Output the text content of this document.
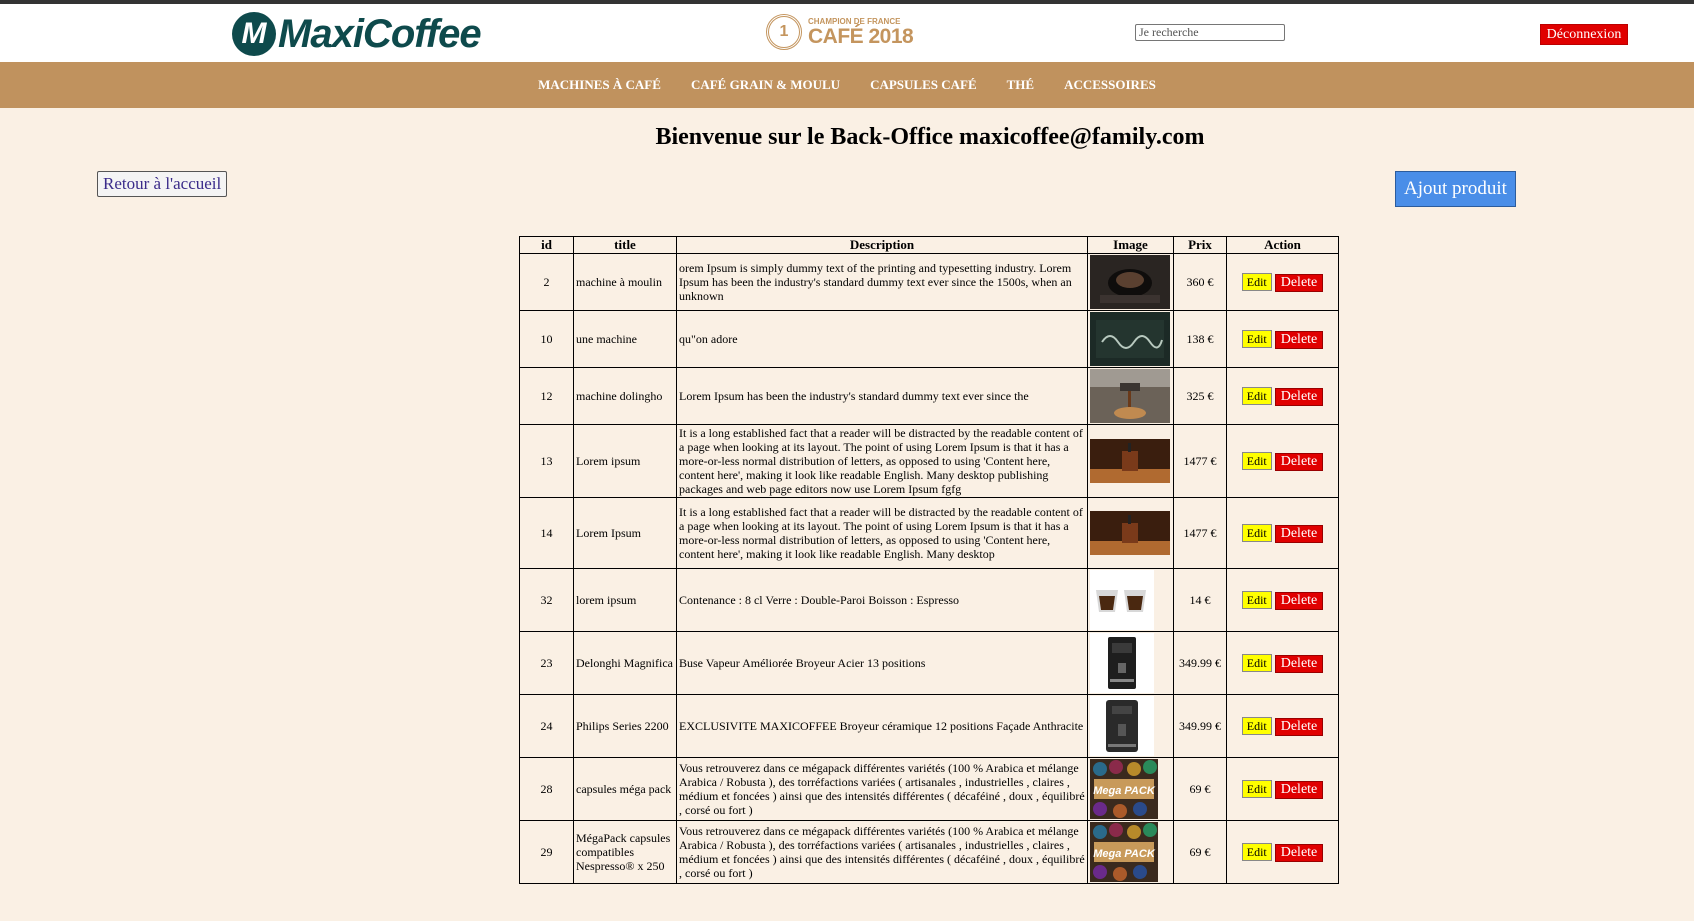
M MaxiCoffee	1
CHAMPION DE FRANCE
CAFÉ 2018
Je recherche	Déconnexion
MACHINES À CAFÉ CAFÉ GRAIN & MOULU CAPSULES CAFÉ THÉ ACCESSOIRES
Bienvenue sur le Back-Office maxicoffee@family.com
Retour à l'accueil	Ajout produit
id	title	Description	Image	Prix	Action
2	machine à moulin	orem Ipsum is simply dummy text of the printing and typesetting industry. Lorem Ipsum has been the industry's standard dummy text ever since the 1500s, when an unknown		360 €	Edit Delete
10	une machine	qu"on adore		138 €	Edit Delete
12	machine dolingho	Lorem Ipsum has been the industry's standard dummy text ever since the		325 €	Edit Delete
13	Lorem ipsum	It is a long established fact that a reader will be distracted by the readable content of a page when looking at its layout. The point of using Lorem Ipsum is that it has a more-or-less normal distribution of letters, as opposed to using 'Content here, content here', making it look like readable English. Many desktop publishing packages and web page editors now use Lorem Ipsum fgfg		1477 €	Edit Delete
14	Lorem Ipsum	It is a long established fact that a reader will be distracted by the readable content of a page when looking at its layout. The point of using Lorem Ipsum is that it has a more-or-less normal distribution of letters, as opposed to using 'Content here, content here', making it look like readable English. Many desktop		1477 €	Edit Delete
32	lorem ipsum	Contenance : 8 cl Verre : Double-Paroi Boisson : Espresso		14 €	Edit Delete
23	Delonghi Magnifica	Buse Vapeur Améliorée Broyeur Acier 13 positions		349.99 €	Edit Delete
24	Philips Series 2200	EXCLUSIVITE MAXICOFFEE Broyeur céramique 12 positions Façade Anthracite		349.99 €	Edit Delete
28	capsules méga pack	Vous retrouverez dans ce mégapack différentes variétés (100 % Arabica et mélange Arabica / Robusta ), des torréfactions variées ( artisanales , industrielles , claires , médium et foncées ) ainsi que des intensités différentes ( décaféiné , doux , équilibré , corsé ou fort )	Mega PACK	69 €	Edit Delete
29	MégaPack capsules compatibles Nespresso® x 250	Vous retrouverez dans ce mégapack différentes variétés (100 % Arabica et mélange Arabica / Robusta ), des torréfactions variées ( artisanales , industrielles , claires , médium et foncées ) ainsi que des intensités différentes ( décaféiné , doux , équilibré , corsé ou fort )	Mega PACK	69 €	Edit Delete
